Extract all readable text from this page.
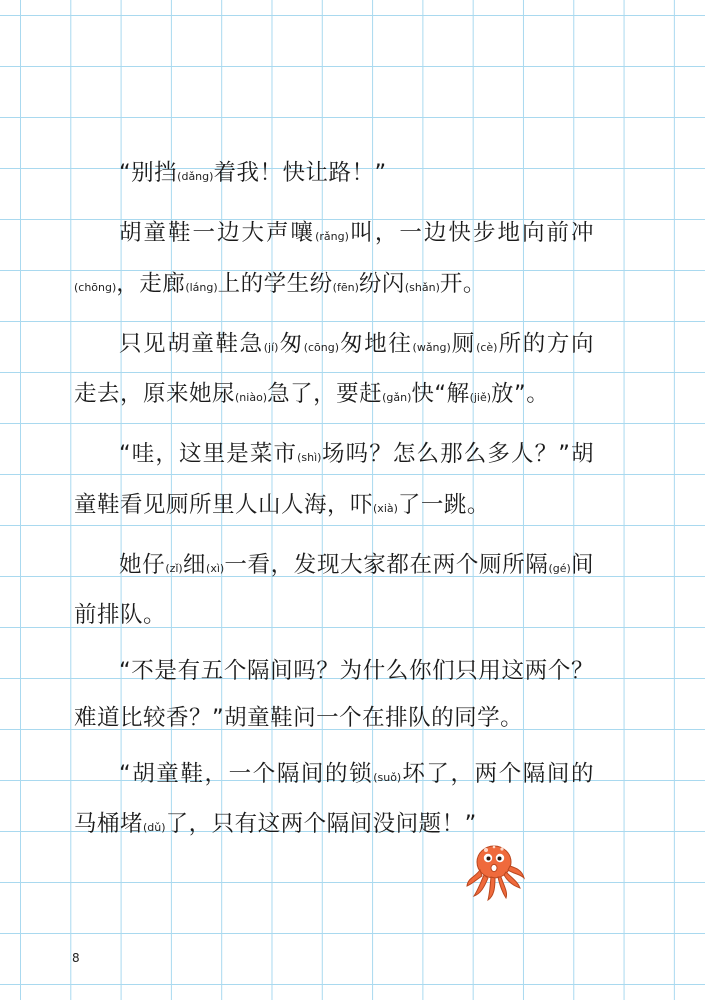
“别挡(dǎng)着我！快让路！”

胡童鞋一边大声嚷(rǎng)叫，一边快步地向前冲(chōng)，走廊(láng)上的学生纷(fēn)纷闪(shǎn)开。

只见胡童鞋急(jí)匆(cōng)匆地往(wǎng)厕(cè)所的方向走去，原来她尿(niào)急了，要赶(gǎn)快“解(jiě)放”。

“哇，这里是菜市(shì)场吗？怎么那么多人？”胡童鞋看见厕所里人山人海，吓(xià)了一跳。

她仔(zǐ)细(xì)一看，发现大家都在两个厕所隔(gé)间前排队。

“不是有五个隔间吗？为什么你们只用这两个？难道比较香？”胡童鞋问一个在排队的同学。

“胡童鞋，一个隔间的锁(suǒ)坏了，两个隔间的马桶堵(dǔ)了，只有这两个隔间没问题！”

8
